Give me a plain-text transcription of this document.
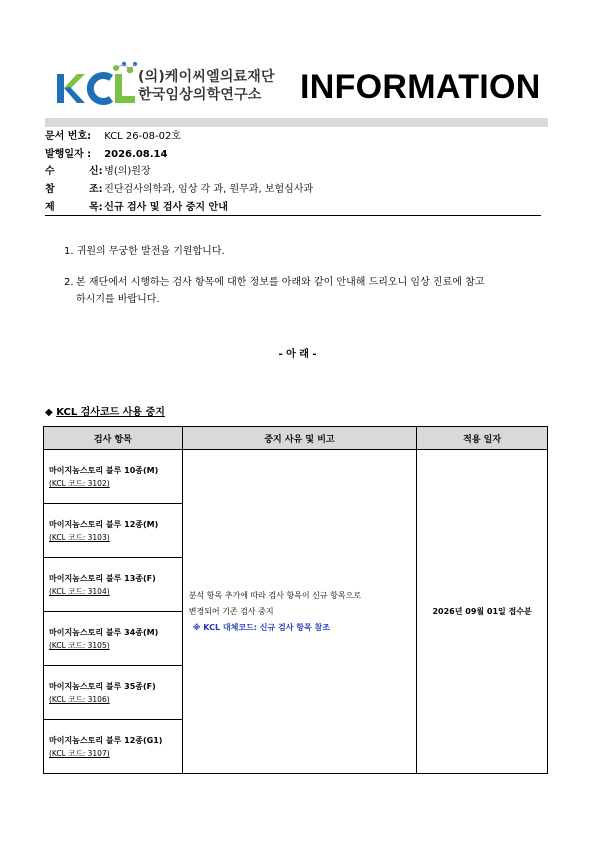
(의)케이씨엘의료재단
한국임상의학연구소	INFORMATION
문서 번호: KCL 26-08-02호
발행일자 : 2026.08.14
수	신: 병(의)원장
참	조: 진단검사의학과, 임상 각 과, 원무과, 보험심사과
제	목: 신규 검사 및 검사 중지 안내
1. 귀원의 무궁한 발전을 기원합니다.
2. 본 재단에서 시행하는 검사 항목에 대한 정보를 아래와 같이 안내해 드리오니 임상 진료에 참고
하시기를 바랍니다.
- 아 래 -
◆ KCL 검사코드 사용 중지
검사 항목	중지 사유 및 비고	적용 일자

마이지놈스토리 블루 10종(M)
(KCL 코드: 3102)	분석 항목 추가에 따라 검사 항목이 신규 항목으로
변경되어 기존 검사 중지
※ KCL 대체코드: 신규 검사 항목 참조	2026년 09월 01일 접수분

마이지놈스토리 블루 12종(M)
(KCL 코드: 3103)		

마이지놈스토리 블루 13종(F)
(KCL 코드: 3104)		

마이지놈스토리 블루 34종(M)
(KCL 코드: 3105)		

마이지놈스토리 블루 35종(F)
(KCL 코드: 3106)		

마이지놈스토리 블루 12종(G1)
(KCL 코드: 3107)		
